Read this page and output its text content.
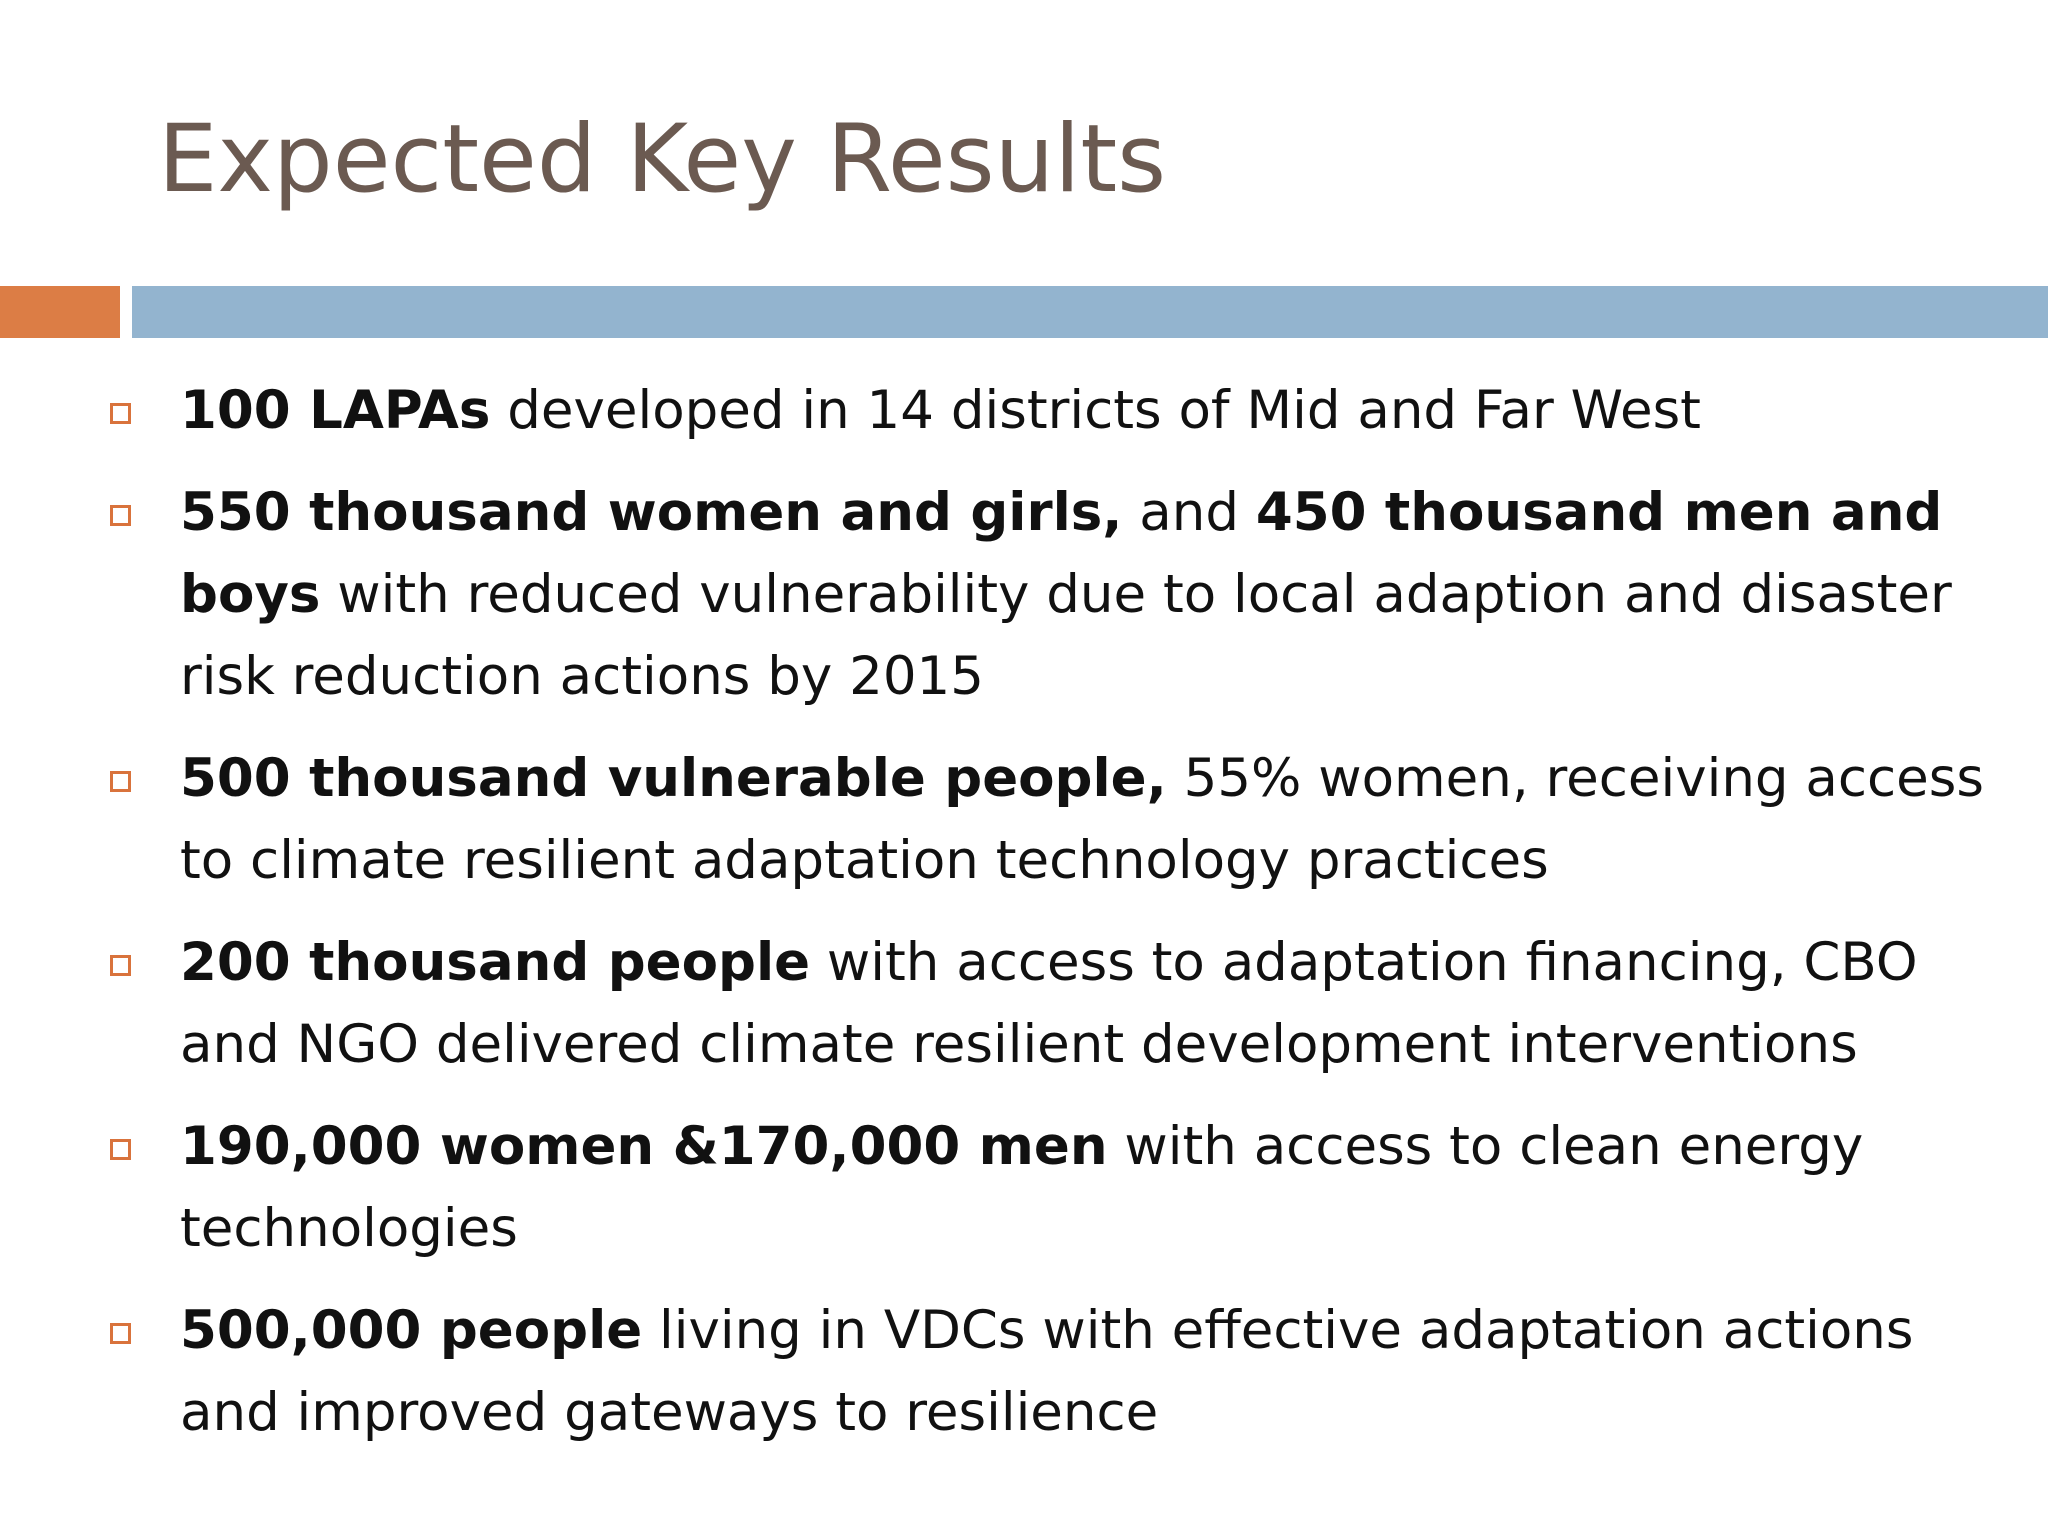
Expected Key Results
100 LAPAs developed in 14 districts of Mid and Far West
550 thousand women and girls, and 450 thousand men and boys with reduced vulnerability due to local adaption and disaster risk reduction actions by 2015
500 thousand vulnerable people, 55% women, receiving access to climate resilient adaptation technology practices
200 thousand people with access to adaptation financing, CBO and NGO delivered climate resilient development interventions
190,000 women &170,000 men with access to clean energy technologies
500,000 people living in VDCs with effective adaptation actions and improved gateways to resilience
